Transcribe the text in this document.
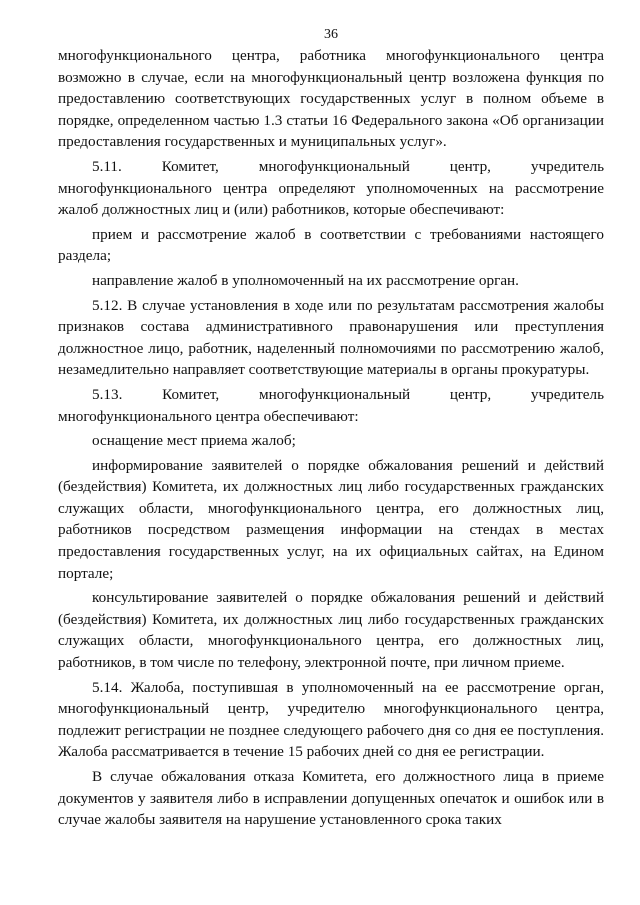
36

многофункционального центра, работника многофункционального центра возможно в случае, если на многофункциональный центр возложена функция по предоставлению соответствующих государственных услуг в полном объеме в порядке, определенном частью 1.3 статьи 16 Федерального закона «Об организации предоставления государственных и муниципальных услуг».

5.11. Комитет, многофункциональный центр, учредитель многофункционального центра определяют уполномоченных на рассмотрение жалоб должностных лиц и (или) работников, которые обеспечивают:

прием и рассмотрение жалоб в соответствии с требованиями настоящего раздела;

направление жалоб в уполномоченный на их рассмотрение орган.

5.12. В случае установления в ходе или по результатам рассмотрения жалобы признаков состава административного правонарушения или преступления должностное лицо, работник, наделенный полномочиями по рассмотрению жалоб, незамедлительно направляет соответствующие материалы в органы прокуратуры.

5.13. Комитет, многофункциональный центр, учредитель многофункционального центра обеспечивают:

оснащение мест приема жалоб;

информирование заявителей о порядке обжалования решений и действий (бездействия) Комитета, их должностных лиц либо государственных гражданских служащих области, многофункционального центра, его должностных лиц, работников посредством размещения информации на стендах в местах предоставления государственных услуг, на их официальных сайтах, на Едином портале;

консультирование заявителей о порядке обжалования решений и действий (бездействия) Комитета, их должностных лиц либо государственных гражданских служащих области, многофункционального центра, его должностных лиц, работников, в том числе по телефону, электронной почте, при личном приеме.

5.14. Жалоба, поступившая в уполномоченный на ее рассмотрение орган, многофункциональный центр, учредителю многофункционального центра, подлежит регистрации не позднее следующего рабочего дня со дня ее поступления. Жалоба рассматривается в течение 15 рабочих дней со дня ее регистрации.

В случае обжалования отказа Комитета, его должностного лица в приеме документов у заявителя либо в исправлении допущенных опечаток и ошибок или в случае жалобы заявителя на нарушение установленного срока таких
